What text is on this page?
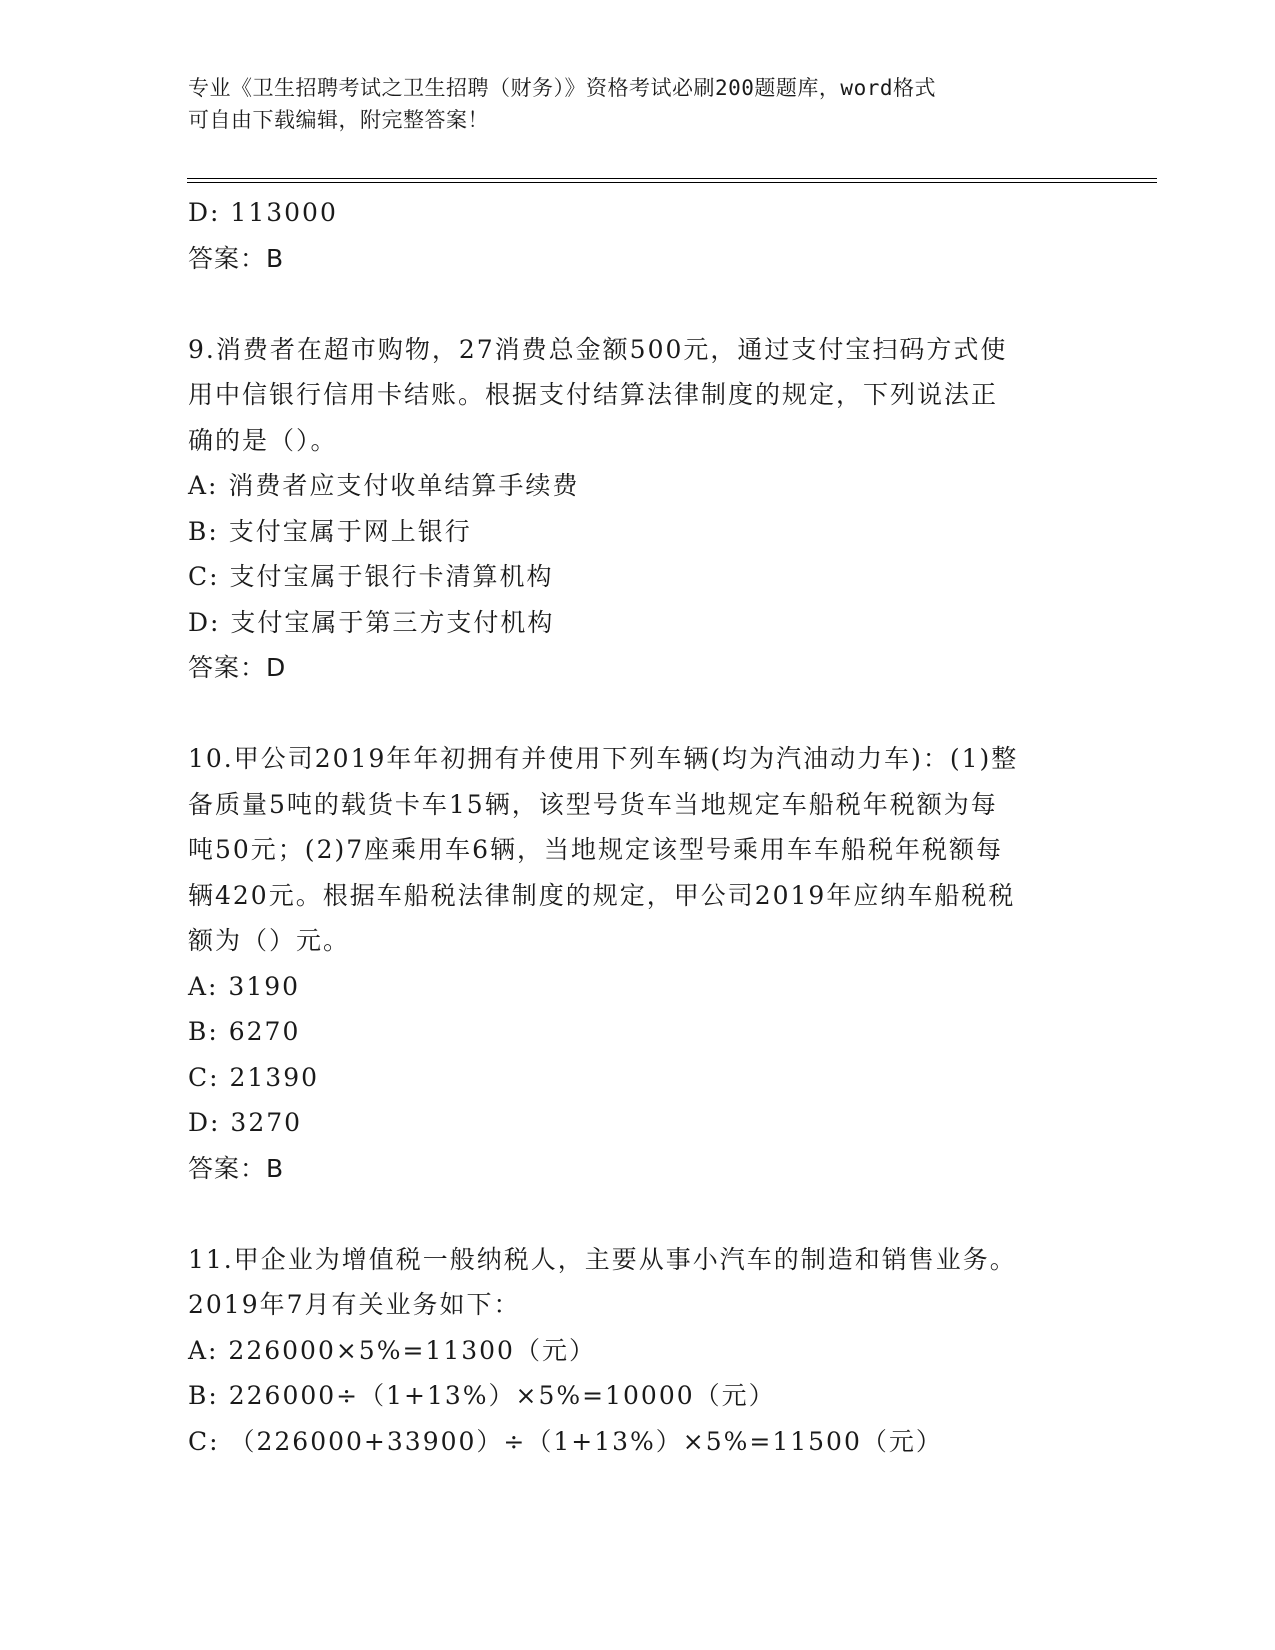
专业《卫生招聘考试之卫生招聘（财务）》资格考试必刷200题题库，word格式
可自由下载编辑，附完整答案！
D: 113000
答案：B
9.消费者在超市购物，27消费总金额500元，通过支付宝扫码方式使
用中信银行信用卡结账。根据支付结算法律制度的规定，下列说法正
确的是（）。
A: 消费者应支付收单结算手续费
B: 支付宝属于网上银行
C: 支付宝属于银行卡清算机构
D: 支付宝属于第三方支付机构
答案：D
10.甲公司2019年年初拥有并使用下列车辆(均为汽油动力车)：(1)整
备质量5吨的载货卡车15辆，该型号货车当地规定车船税年税额为每
吨50元；(2)7座乘用车6辆，当地规定该型号乘用车车船税年税额每
辆420元。根据车船税法律制度的规定，甲公司2019年应纳车船税税
额为（）元。
A: 3190
B: 6270
C: 21390
D: 3270
答案：B
11.甲企业为增值税一般纳税人，主要从事小汽车的制造和销售业务。
2019年7月有关业务如下：
A: 226000×5%=11300（元）
B: 226000÷（1+13%）×5%=10000（元）
C: （226000+33900）÷（1+13%）×5%=11500（元）
